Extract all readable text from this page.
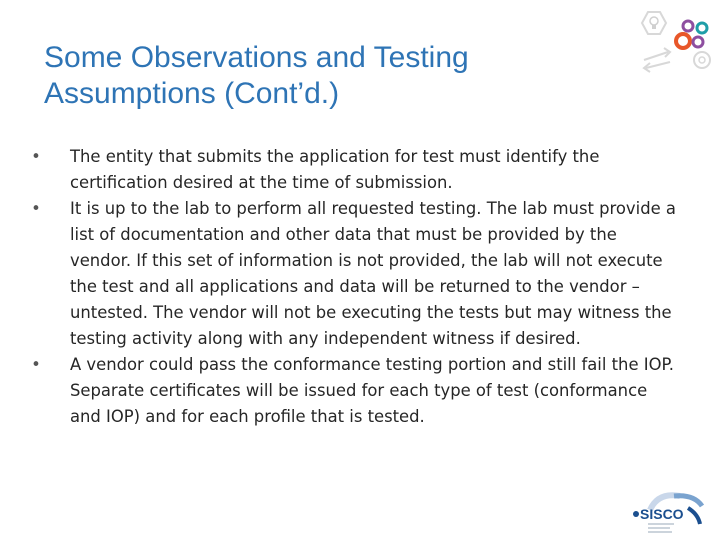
Some Observations and Testing
Assumptions (Cont’d.)
•	The entity that submits the application for test must identify the certification desired at the time of submission.
•	It is up to the lab to perform all requested testing. The lab must provide a list of documentation and other data that must be provided by the vendor. If this set of information is not provided, the lab will not execute the test and all applications and data will be returned to the vendor – untested. The vendor will not be executing the tests but may witness the testing activity along with any independent witness if desired.
•	A vendor could pass the conformance testing portion and still fail the IOP. Separate certificates will be issued for each type of test (conformance and IOP) and for each profile that is tested.
SISCO
